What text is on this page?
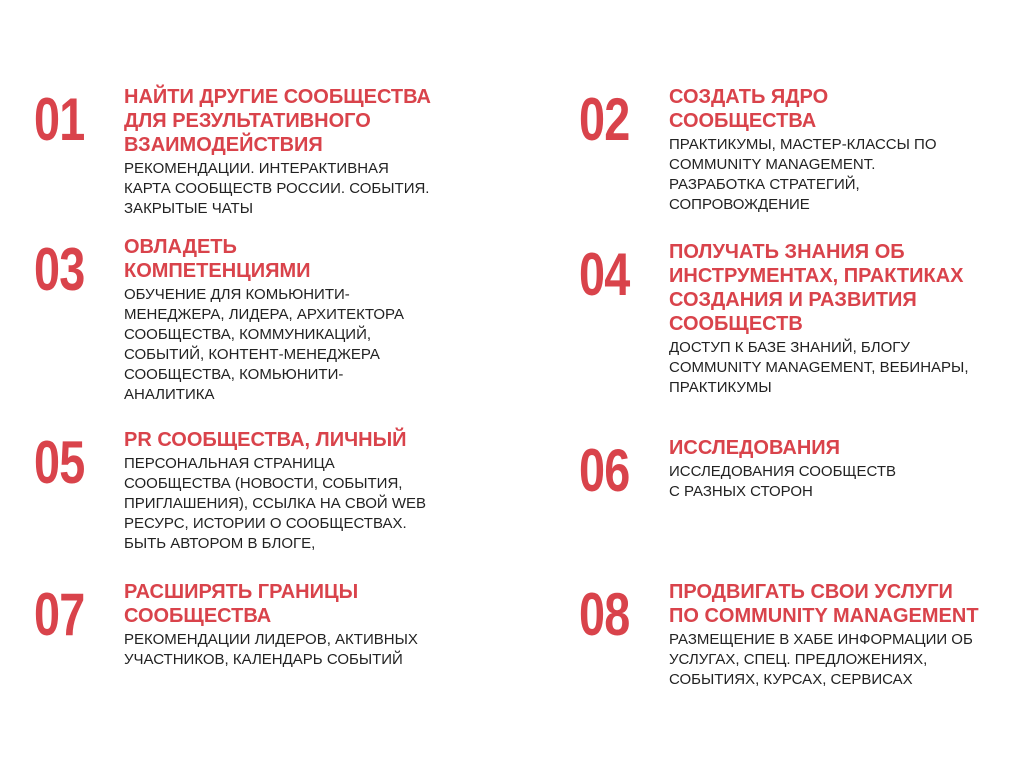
01 НАЙТИ ДРУГИЕ СООБЩЕСТВА
ДЛЯ РЕЗУЛЬТАТИВНОГО
ВЗАИМОДЕЙСТВИЯ
РЕКОМЕНДАЦИИ. ИНТЕРАКТИВНАЯ
КАРТА СООБЩЕСТВ РОССИИ. СОБЫТИЯ.
ЗАКРЫТЫЕ ЧАТЫ
02 СОЗДАТЬ ЯДРО
СООБЩЕСТВА
ПРАКТИКУМЫ, МАСТЕР-КЛАССЫ ПО
COMMUNITY MANAGEMENT.
РАЗРАБОТКА СТРАТЕГИЙ,
СОПРОВОЖДЕНИЕ
03 ОВЛАДЕТЬ
КОМПЕТЕНЦИЯМИ
ОБУЧЕНИЕ ДЛЯ КОМЬЮНИТИ-
МЕНЕДЖЕРА, ЛИДЕРА, АРХИТЕКТОРА
СООБЩЕСТВА, КОММУНИКАЦИЙ,
СОБЫТИЙ, КОНТЕНТ-МЕНЕДЖЕРА
СООБЩЕСТВА, КОМЬЮНИТИ-
АНАЛИТИКА
04 ПОЛУЧАТЬ ЗНАНИЯ ОБ
ИНСТРУМЕНТАХ, ПРАКТИКАХ
СОЗДАНИЯ И РАЗВИТИЯ
СООБЩЕСТВ
ДОСТУП К БАЗЕ ЗНАНИЙ, БЛОГУ
COMMUNITY MANAGEMENT, ВЕБИНАРЫ,
ПРАКТИКУМЫ
05 PR СООБЩЕСТВА, ЛИЧНЫЙ
ПЕРСОНАЛЬНАЯ СТРАНИЦА
СООБЩЕСТВА (НОВОСТИ, СОБЫТИЯ,
ПРИГЛАШЕНИЯ), ССЫЛКА НА СВОЙ WEB
РЕСУРС, ИСТОРИИ О СООБЩЕСТВАХ.
БЫТЬ АВТОРОМ В БЛОГЕ,
06 ИССЛЕДОВАНИЯ
ИССЛЕДОВАНИЯ СООБЩЕСТВ
С РАЗНЫХ СТОРОН
07 РАСШИРЯТЬ ГРАНИЦЫ
СООБЩЕСТВА
РЕКОМЕНДАЦИИ ЛИДЕРОВ, АКТИВНЫХ
УЧАСТНИКОВ, КАЛЕНДАРЬ СОБЫТИЙ
08 ПРОДВИГАТЬ СВОИ УСЛУГИ
ПО COMMUNITY MANAGEMENT
РАЗМЕЩЕНИЕ В ХАБЕ ИНФОРМАЦИИ ОБ
УСЛУГАХ, СПЕЦ. ПРЕДЛОЖЕНИЯХ,
СОБЫТИЯХ, КУРСАХ, СЕРВИСАХ
